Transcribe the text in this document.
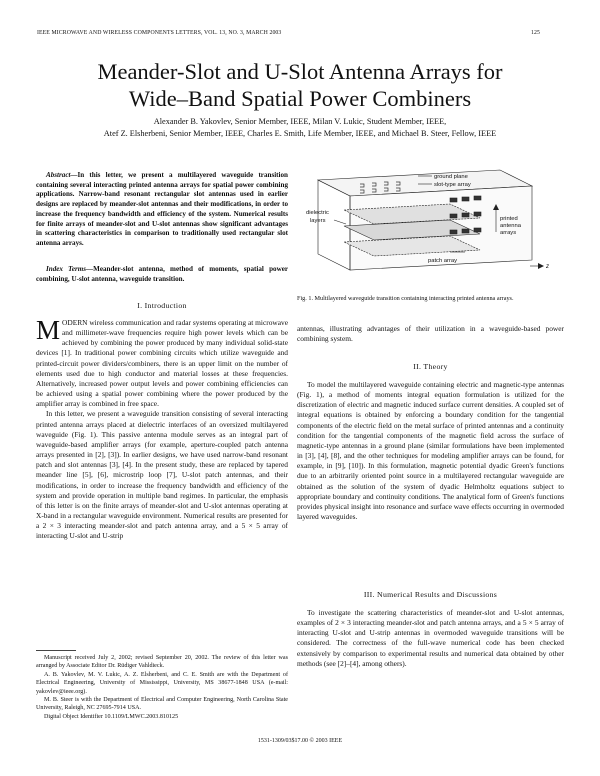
IEEE MICROWAVE AND WIRELESS COMPONENTS LETTERS, VOL. 13, NO. 3, MARCH 2003	125
Meander-Slot and U-Slot Antenna Arrays for
Wide–Band Spatial Power Combiners
Alexander B. Yakovlev, Senior Member, IEEE, Milan V. Lukic, Student Member, IEEE,
Atef Z. Elsherbeni, Senior Member, IEEE, Charles E. Smith, Life Member, IEEE, and Michael B. Steer, Fellow, IEEE

Abstract—In this letter, we present a multilayered waveguide transition containing several interacting printed antenna arrays for spatial power combining applications. Narrow-band resonant rectangular slot antennas used in earlier designs are replaced by meander-slot antennas and their modifications, in order to increase the frequency bandwidth and efficiency of the system. Numerical results for finite arrays of meander-slot and U-slot antennas show significant advantages in scattering characteristics in comparison to traditionally used rectangular slot antenna arrays.

Index Terms—Meander-slot antenna, method of moments, spatial power combining, U-slot antenna, waveguide transition.

I. Introduction

MODERN wireless communication and radar systems operating at microwave and millimeter-wave frequencies require high power levels which can be achieved by combining the power produced by many individual solid-state devices [1]. In traditional power combining circuits which utilize waveguide and printed-circuit power dividers/combiners, there is an upper limit on the number of elements used due to high conductor and material losses at these frequencies. Alternatively, increased power output levels and power combining efficiencies can be achieved using a spatial power combining where the power produced by the amplifier array is combined in free space.

In this letter, we present a waveguide transition consisting of several interacting printed antenna arrays placed at dielectric interfaces of an oversized multilayered waveguide (Fig. 1). This passive antenna module serves as an integral part of waveguide-based amplifier arrays (for example, aperture-coupled patch antenna arrays presented in [2], [3]). In earlier designs, we have used narrow-band resonant patch and slot antennas [3], [4]. In the present study, these are replaced by tapered meander line [5], [6], microstrip loop [7], U-slot patch antennas, and their modifications, in order to increase the frequency bandwidth and efficiency of the system and provide operation in multiple band regimes. In particular, the emphasis of this letter is on the finite arrays of meander-slot and U-slot antennas operating at X-band in a rectangular waveguide environment. Numerical results are presented for a 2 × 3 interacting meander-slot and patch antenna array, and a 5 × 5 array of interacting U-slot and U-strip

Manuscript received July 2, 2002; revised September 20, 2002. The review of this letter was arranged by Associate Editor Dr. Rüdiger Vahldieck.

A. B. Yakovlev, M. V. Lukic, A. Z. Elsherbeni, and C. E. Smith are with the Department of Electrical Engineering, University of Mississippi, University, MS 38677-1848 USA (e-mail: yakovlev@ieee.org).

M. B. Steer is with the Department of Electrical and Computer Engineering, North Carolina State University, Raleigh, NC 27695-7914 USA.

Digital Object Identifier 10.1109/LMWC.2003.810125

ground plane
slot-type array
dielectric
layers
patch array
printed
antenna
arrays
z
Fig. 1. Multilayered waveguide transition containing interacting printed antenna arrays.

antennas, illustrating advantages of their utilization in a waveguide-based power combining system.

II. Theory

To model the multilayered waveguide containing electric and magnetic-type antennas (Fig. 1), a method of moments integral equation formulation is utilized for the discretization of electric and magnetic induced surface current densities. A coupled set of integral equations is obtained by enforcing a boundary condition for the tangential components of the electric field on the metal surface of printed antennas and a continuity condition for the tangential components of the magnetic field across the surface of magnetic-type antennas in a ground plane (similar formulations have been implemented in [3], [4], [8], and the other techniques for modeling amplifier arrays can be found, for example, in [9], [10]). In this formulation, magnetic potential dyadic Green's functions due to an arbitrarily oriented point source in a multilayered rectangular waveguide are obtained as the solution of the system of dyadic Helmholtz equations subject to appropriate boundary and continuity conditions. The analytical form of Green's functions provides physical insight into resonance and surface wave effects occurring in overmoded layered waveguides.

III. Numerical Results and Discussions

To investigate the scattering characteristics of meander-slot and U-slot antennas, examples of 2 × 3 interacting meander-slot and patch antenna arrays, and a 5 × 5 array of interacting U-slot and U-strip antennas in overmoded waveguide transitions will be considered. The correctness of the full-wave numerical code has been checked extensively by comparison to experimental results and numerical data obtained by other methods (see [2]–[4], among others).

1531-1309/03$17.00 © 2003 IEEE
